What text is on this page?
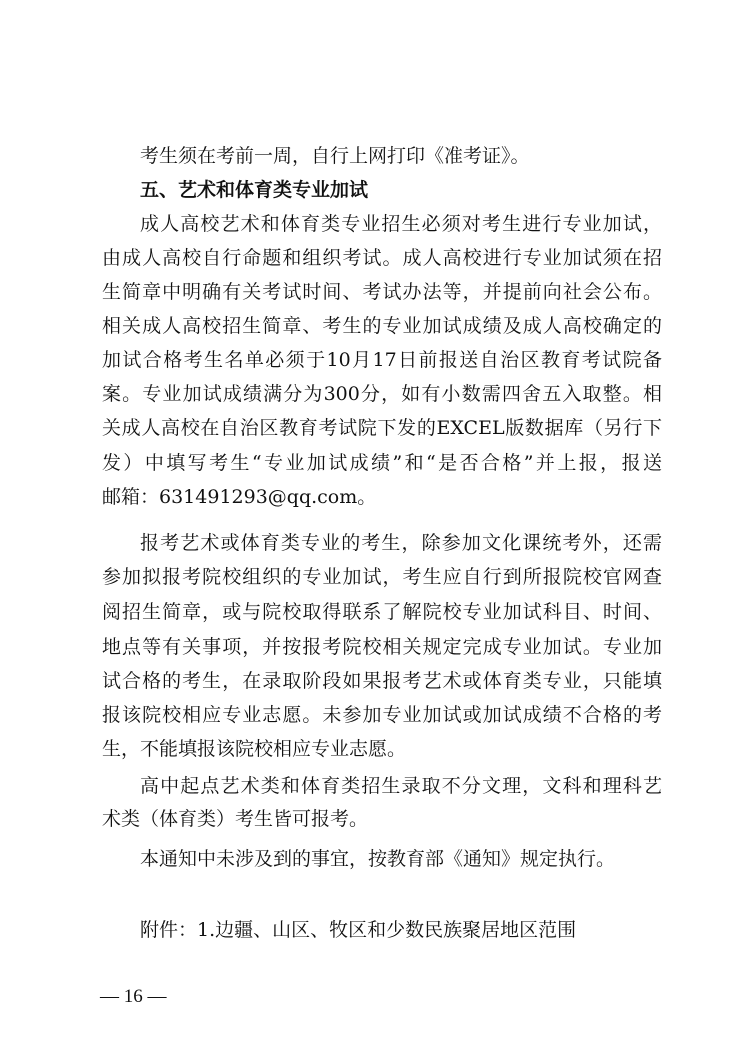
考生须在考前一周，自行上网打印《准考证》。
五、艺术和体育类专业加试
成人高校艺术和体育类专业招生必须对考生进行专业加试，
由成人高校自行命题和组织考试。成人高校进行专业加试须在招
生简章中明确有关考试时间、考试办法等，并提前向社会公布。
相关成人高校招生简章、考生的专业加试成绩及成人高校确定的
加试合格考生名单必须于10月17日前报送自治区教育考试院备
案。专业加试成绩满分为300分，如有小数需四舍五入取整。相
关成人高校在自治区教育考试院下发的EXCEL版数据库（另行下
发）中填写考生“专业加试成绩”和“是否合格”并上报，报送
邮箱：631491293@qq.com。
报考艺术或体育类专业的考生，除参加文化课统考外，还需
参加拟报考院校组织的专业加试，考生应自行到所报院校官网查
阅招生简章，或与院校取得联系了解院校专业加试科目、时间、
地点等有关事项，并按报考院校相关规定完成专业加试。专业加
试合格的考生，在录取阶段如果报考艺术或体育类专业，只能填
报该院校相应专业志愿。未参加专业加试或加试成绩不合格的考
生，不能填报该院校相应专业志愿。
高中起点艺术类和体育类招生录取不分文理，文科和理科艺
术类（体育类）考生皆可报考。
本通知中未涉及到的事宜，按教育部《通知》规定执行。
附件：1.边疆、山区、牧区和少数民族聚居地区范围
— 16 —
